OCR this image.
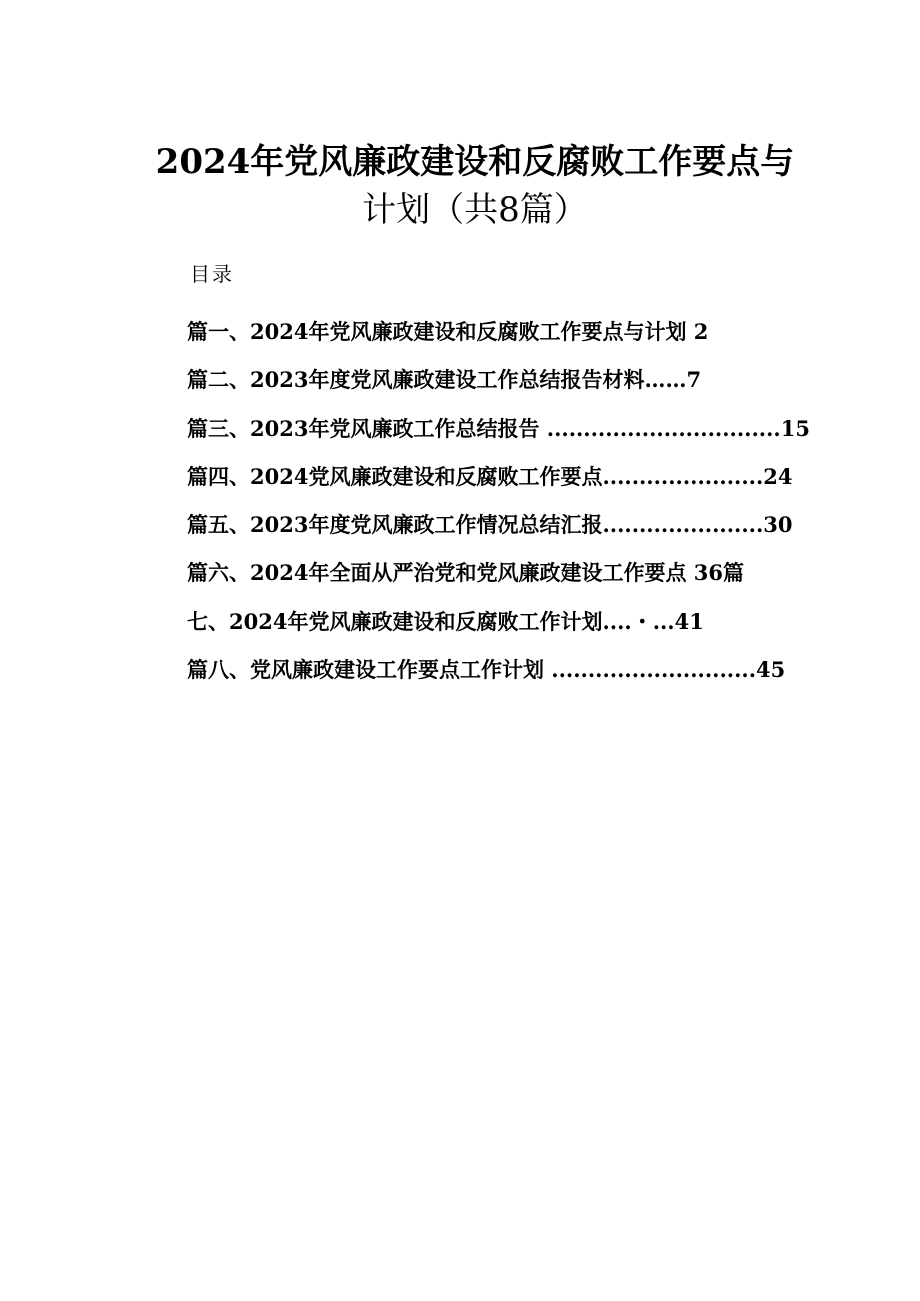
2024年党风廉政建设和反腐败工作要点与
计划（共8篇）
目录
篇一、2024年党风廉政建设和反腐败工作要点与计划 2
篇二、2023年度党风廉政建设工作总结报告材料……7
篇三、2023年党风廉政工作总结报告 ................................15
篇四、2024党风廉政建设和反腐败工作要点......................24
篇五、2023年度党风廉政工作情况总结汇报......................30
篇六、2024年全面从严治党和党风廉政建设工作要点 36篇
七、2024年党风廉政建设和反腐败工作计划....・...41
篇八、党风廉政建设工作要点工作计划 ............................45
